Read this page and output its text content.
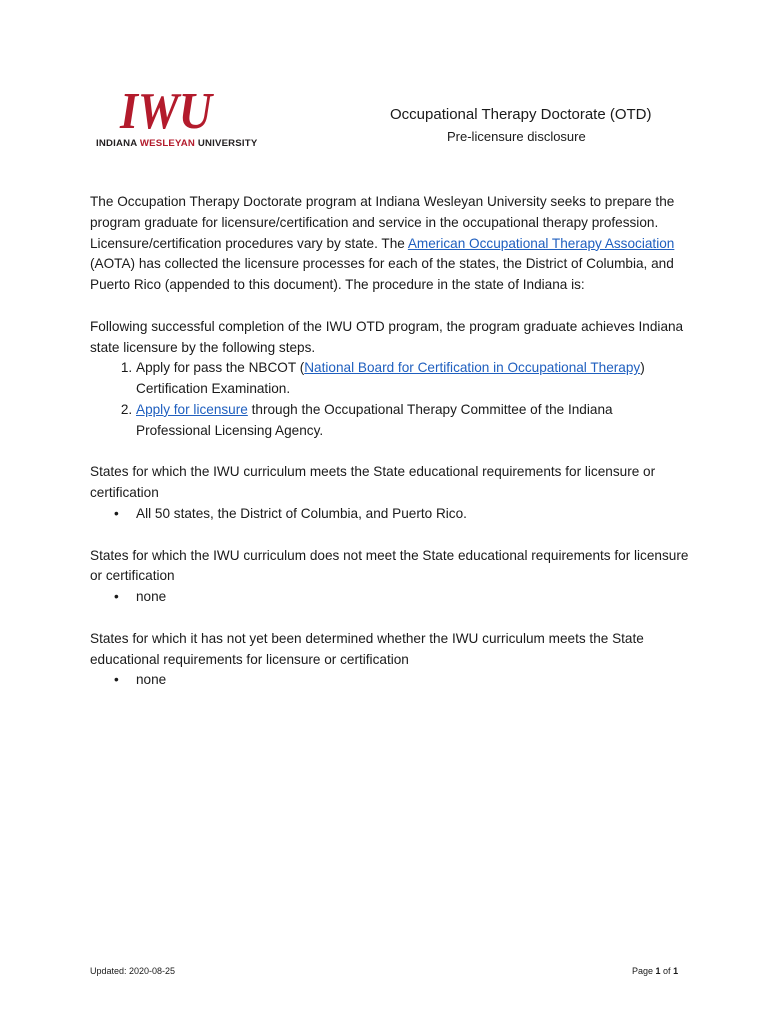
IWU
INDIANA WESLEYAN UNIVERSITY
Occupational Therapy Doctorate (OTD)
Pre-licensure disclosure

The Occupation Therapy Doctorate program at Indiana Wesleyan University seeks to prepare the program graduate for licensure/certification and service in the occupational therapy profession. Licensure/certification procedures vary by state. The American Occupational Therapy Association (AOTA) has collected the licensure processes for each of the states, the District of Columbia, and Puerto Rico (appended to this document). The procedure in the state of Indiana is:

Following successful completion of the IWU OTD program, the program graduate achieves Indiana state licensure by the following steps.
1. Apply for pass the NBCOT (National Board for Certification in Occupational Therapy) Certification Examination.
2. Apply for licensure through the Occupational Therapy Committee of the Indiana Professional Licensing Agency.
States for which the IWU curriculum meets the State educational requirements for licensure or certification
• All 50 states, the District of Columbia, and Puerto Rico.
States for which the IWU curriculum does not meet the State educational requirements for licensure or certification
• none
States for which it has not yet been determined whether the IWU curriculum meets the State educational requirements for licensure or certification
• none
Updated: 2020-08-25	Page 1 of 1
